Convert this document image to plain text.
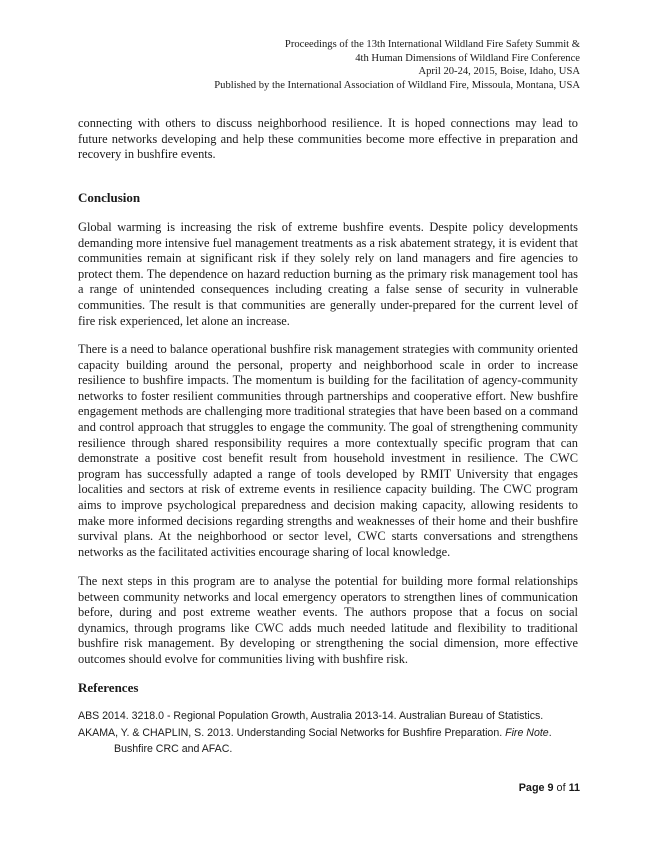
Proceedings of the 13th International Wildland Fire Safety Summit &
4th Human Dimensions of Wildland Fire Conference
April 20-24, 2015, Boise, Idaho, USA
Published by the International Association of Wildland Fire, Missoula, Montana, USA
connecting with others to discuss neighborhood resilience. It is hoped connections may lead to future networks developing and help these communities become more effective in preparation and recovery in bushfire events.
Conclusion
Global warming is increasing the risk of extreme bushfire events. Despite policy developments demanding more intensive fuel management treatments as a risk abatement strategy, it is evident that communities remain at significant risk if they solely rely on land managers and fire agencies to protect them. The dependence on hazard reduction burning as the primary risk management tool has a range of unintended consequences including creating a false sense of security in vulnerable communities. The result is that communities are generally under-prepared for the current level of fire risk experienced, let alone an increase.
There is a need to balance operational bushfire risk management strategies with community oriented capacity building around the personal, property and neighborhood scale in order to increase resilience to bushfire impacts. The momentum is building for the facilitation of agency-community networks to foster resilient communities through partnerships and cooperative effort. New bushfire engagement methods are challenging more traditional strategies that have been based on a command and control approach that struggles to engage the community. The goal of strengthening community resilience through shared responsibility requires a more contextually specific program that can demonstrate a positive cost benefit result from household investment in resilience. The CWC program has successfully adapted a range of tools developed by RMIT University that engages localities and sectors at risk of extreme events in resilience capacity building. The CWC program aims to improve psychological preparedness and decision making capacity, allowing residents to make more informed decisions regarding strengths and weaknesses of their home and their bushfire survival plans. At the neighborhood or sector level, CWC starts conversations and strengthens networks as the facilitated activities encourage sharing of local knowledge.
The next steps in this program are to analyse the potential for building more formal relationships between community networks and local emergency operators to strengthen lines of communication before, during and post extreme weather events. The authors propose that a focus on social dynamics, through programs like CWC adds much needed latitude and flexibility to traditional bushfire risk management. By developing or strengthening the social dimension, more effective outcomes should evolve for communities living with bushfire risk.
References
ABS 2014. 3218.0 - Regional Population Growth, Australia 2013-14. Australian Bureau of Statistics.
AKAMA, Y. & CHAPLIN, S. 2013. Understanding Social Networks for Bushfire Preparation. Fire Note.
Bushfire CRC and AFAC.
Page 9 of 11
